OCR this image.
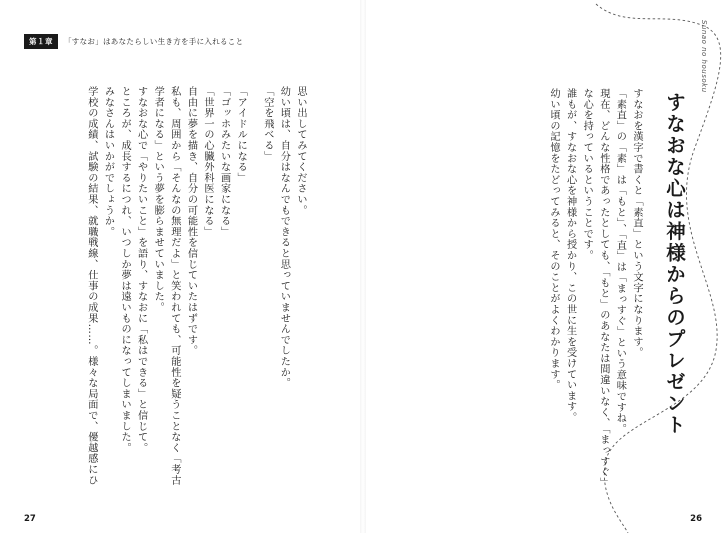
第１章	「すなお」はあなたらしい生き方を手に入れること
思い出してみてください。
幼い頃は、自分はなんでもできると思っていませんでしたか。
「空を飛べる」
「アイドルになる」
「ゴッホみたいな画家になる」
「世界一の心臓外科医になる」
自由に夢を描き、自分の可能性を信じていたはずです。
私も、周囲から「そんなの無理だよ」と笑われても、可能性を疑うことなく「考古
学者になる」という夢を膨らませていました。
すなおな心で「やりたいこと」を語り、すなおに「私はできる」と信じて。
ところが、成長するにつれ、いつしか夢は遠いものになってしまいました。
みなさんはいかがでしょうか。
学校の成績、試験の結果、就職戦線、仕事の成果……。様々な局面で、優越感にひ
27
Sunao no housoku
すなおな心は神様からのプレゼント
すなおを漢字で書くと「素直」という文字になります。
「素直」の「素」は「もと」、「直」は「まっすぐ」という意味ですね。
現在、どんな性格であったとしても、「もと」のあなたは間違いなく、「まっすぐ」
な心を持っているということです。
誰もが、すなおな心を神様から授かり、この世に生を受けています。
幼い頃の記憶をたどってみると、そのことがよくわかります。
26
